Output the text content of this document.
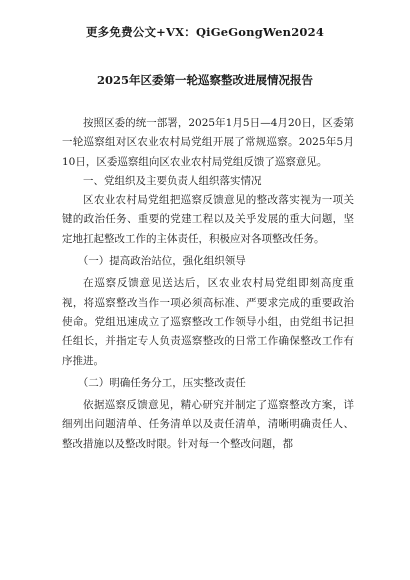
更多免费公文+VX：QiGeGongWen2024
2025年区委第一轮巡察整改进展情况报告

按照区委的统一部署，2025年1月5日—4月20日，区委第一轮巡察组对区农业农村局党组开展了常规巡察。2025年5月10日，区委巡察组向区农业农村局党组反馈了巡察意见。

一、党组织及主要负责人组织落实情况

区农业农村局党组把巡察反馈意见的整改落实视为一项关键的政治任务、重要的党建工程以及关乎发展的重大问题，坚定地扛起整改工作的主体责任，积极应对各项整改任务。

（一）提高政治站位，强化组织领导

在巡察反馈意见送达后，区农业农村局党组即刻高度重视，将巡察整改当作一项必须高标准、严要求完成的重要政治使命。党组迅速成立了巡察整改工作领导小组，由党组书记担任组长，并指定专人负责巡察整改的日常工作确保整改工作有序推进。

（二）明确任务分工，压实整改责任

依据巡察反馈意见，精心研究并制定了巡察整改方案，详细列出问题清单、任务清单以及责任清单，清晰明确责任人、整改措施以及整改时限。针对每一个整改问题，都
